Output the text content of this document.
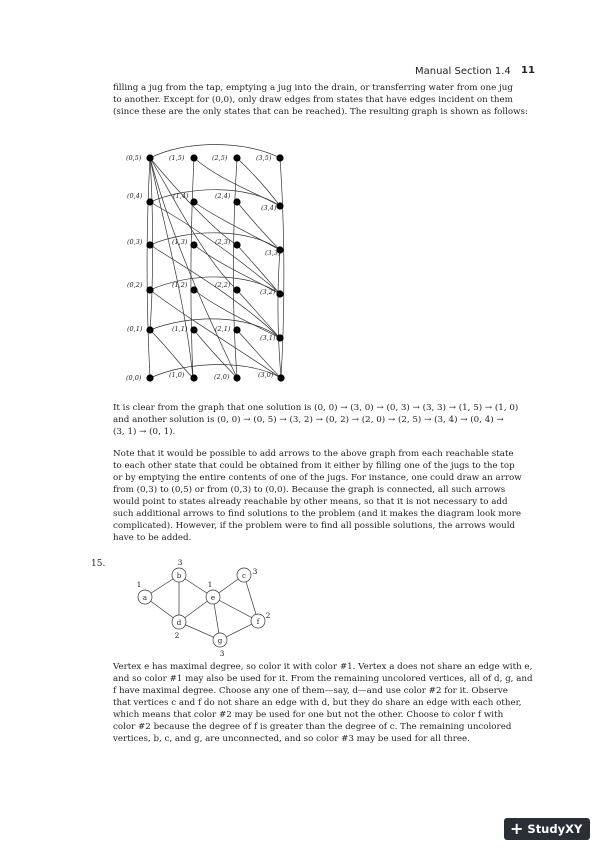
Manual Section 1.4 11
filling a jug from the tap, emptying a jug into the drain, or transferring water from one jug
to another. Except for (0,0), only draw edges from states that have edges incident on them
(since these are the only states that can be reached). The resulting graph is shown as follows:
(0,5)	(1,5)	(2,5)	(3,5)
(0,4)	(1,4)	(2,4)
(3,4)
(0,3)	(1,3)	(2,3)
(3,3)
(0,2)	(1,2)	(2,2)
(3,2)
(0,1)	(1,1)	(2,1)
(3,1)
(0,0)	(1,0)	(2,0)	(3,0)
It is clear from the graph that one solution is (0, 0) → (3, 0) → (0, 3) → (3, 3) → (1, 5) → (1, 0)
and another solution is (0, 0) → (0, 5) → (3, 2) → (0, 2) → (2, 0) → (2, 5) → (3, 4) → (0, 4) →
(3, 1) → (0, 1).
Note that it would be possible to add arrows to the above graph from each reachable state
to each other state that could be obtained from it either by filling one of the jugs to the top
or by emptying the entire contents of one of the jugs. For instance, one could draw an arrow
from (0,3) to (0,5) or from (0,3) to (0,0). Because the graph is connected, all such arrows
would point to states already reachable by other means, so that it is not necessary to add
such additional arrows to find solutions to the problem (and it makes the diagram look more
complicated). However, if the problem were to find all possible solutions, the arrows would
have to be added.
15.
a
b	c
d
e
f
g
1
3
3
2
1
2
3
Vertex e has maximal degree, so color it with color #1. Vertex a does not share an edge with e,
and so color #1 may also be used for it. From the remaining uncolored vertices, all of d, g, and
f have maximal degree. Choose any one of them—say, d—and use color #2 for it. Observe
that vertices c and f do not share an edge with d, but they do share an edge with each other,
which means that color #2 may be used for one but not the other. Choose to color f with
color #2 because the degree of f is greater than the degree of c. The remaining uncolored
vertices, b, c, and g, are unconnected, and so color #3 may be used for all three.
+ StudyXY
